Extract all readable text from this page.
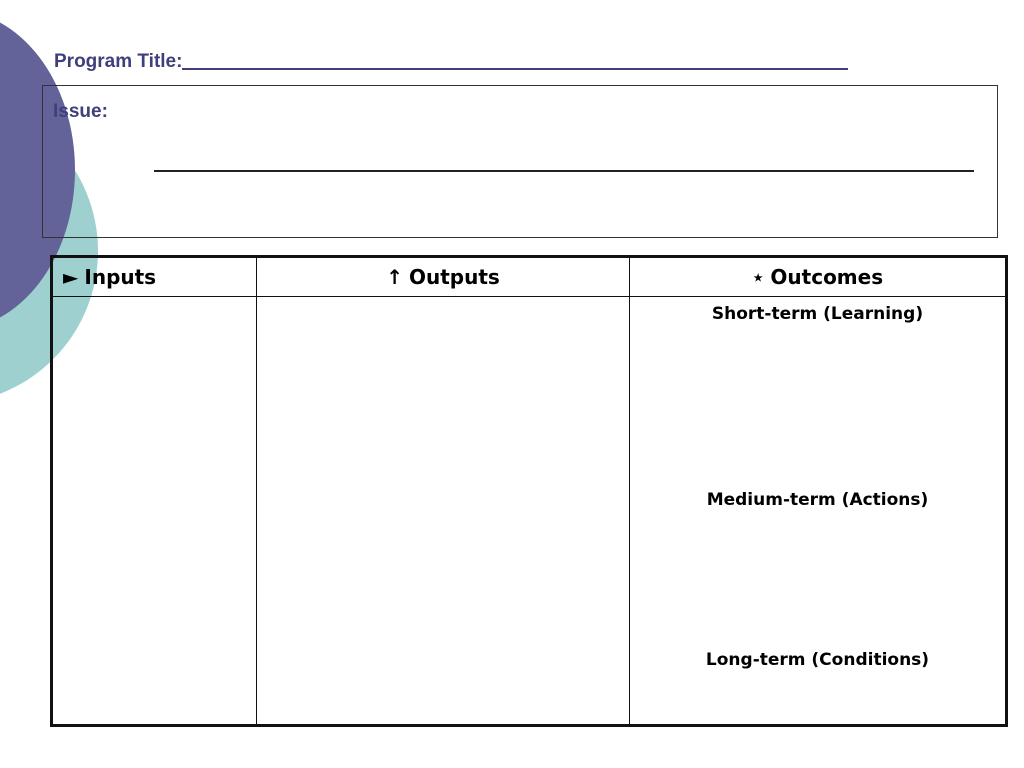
Program Title:
Issue:
► Inputs	↑ Outputs	⋆ Outcomes
Short-term (Learning)
Medium-term (Actions)
Long-term (Conditions)
